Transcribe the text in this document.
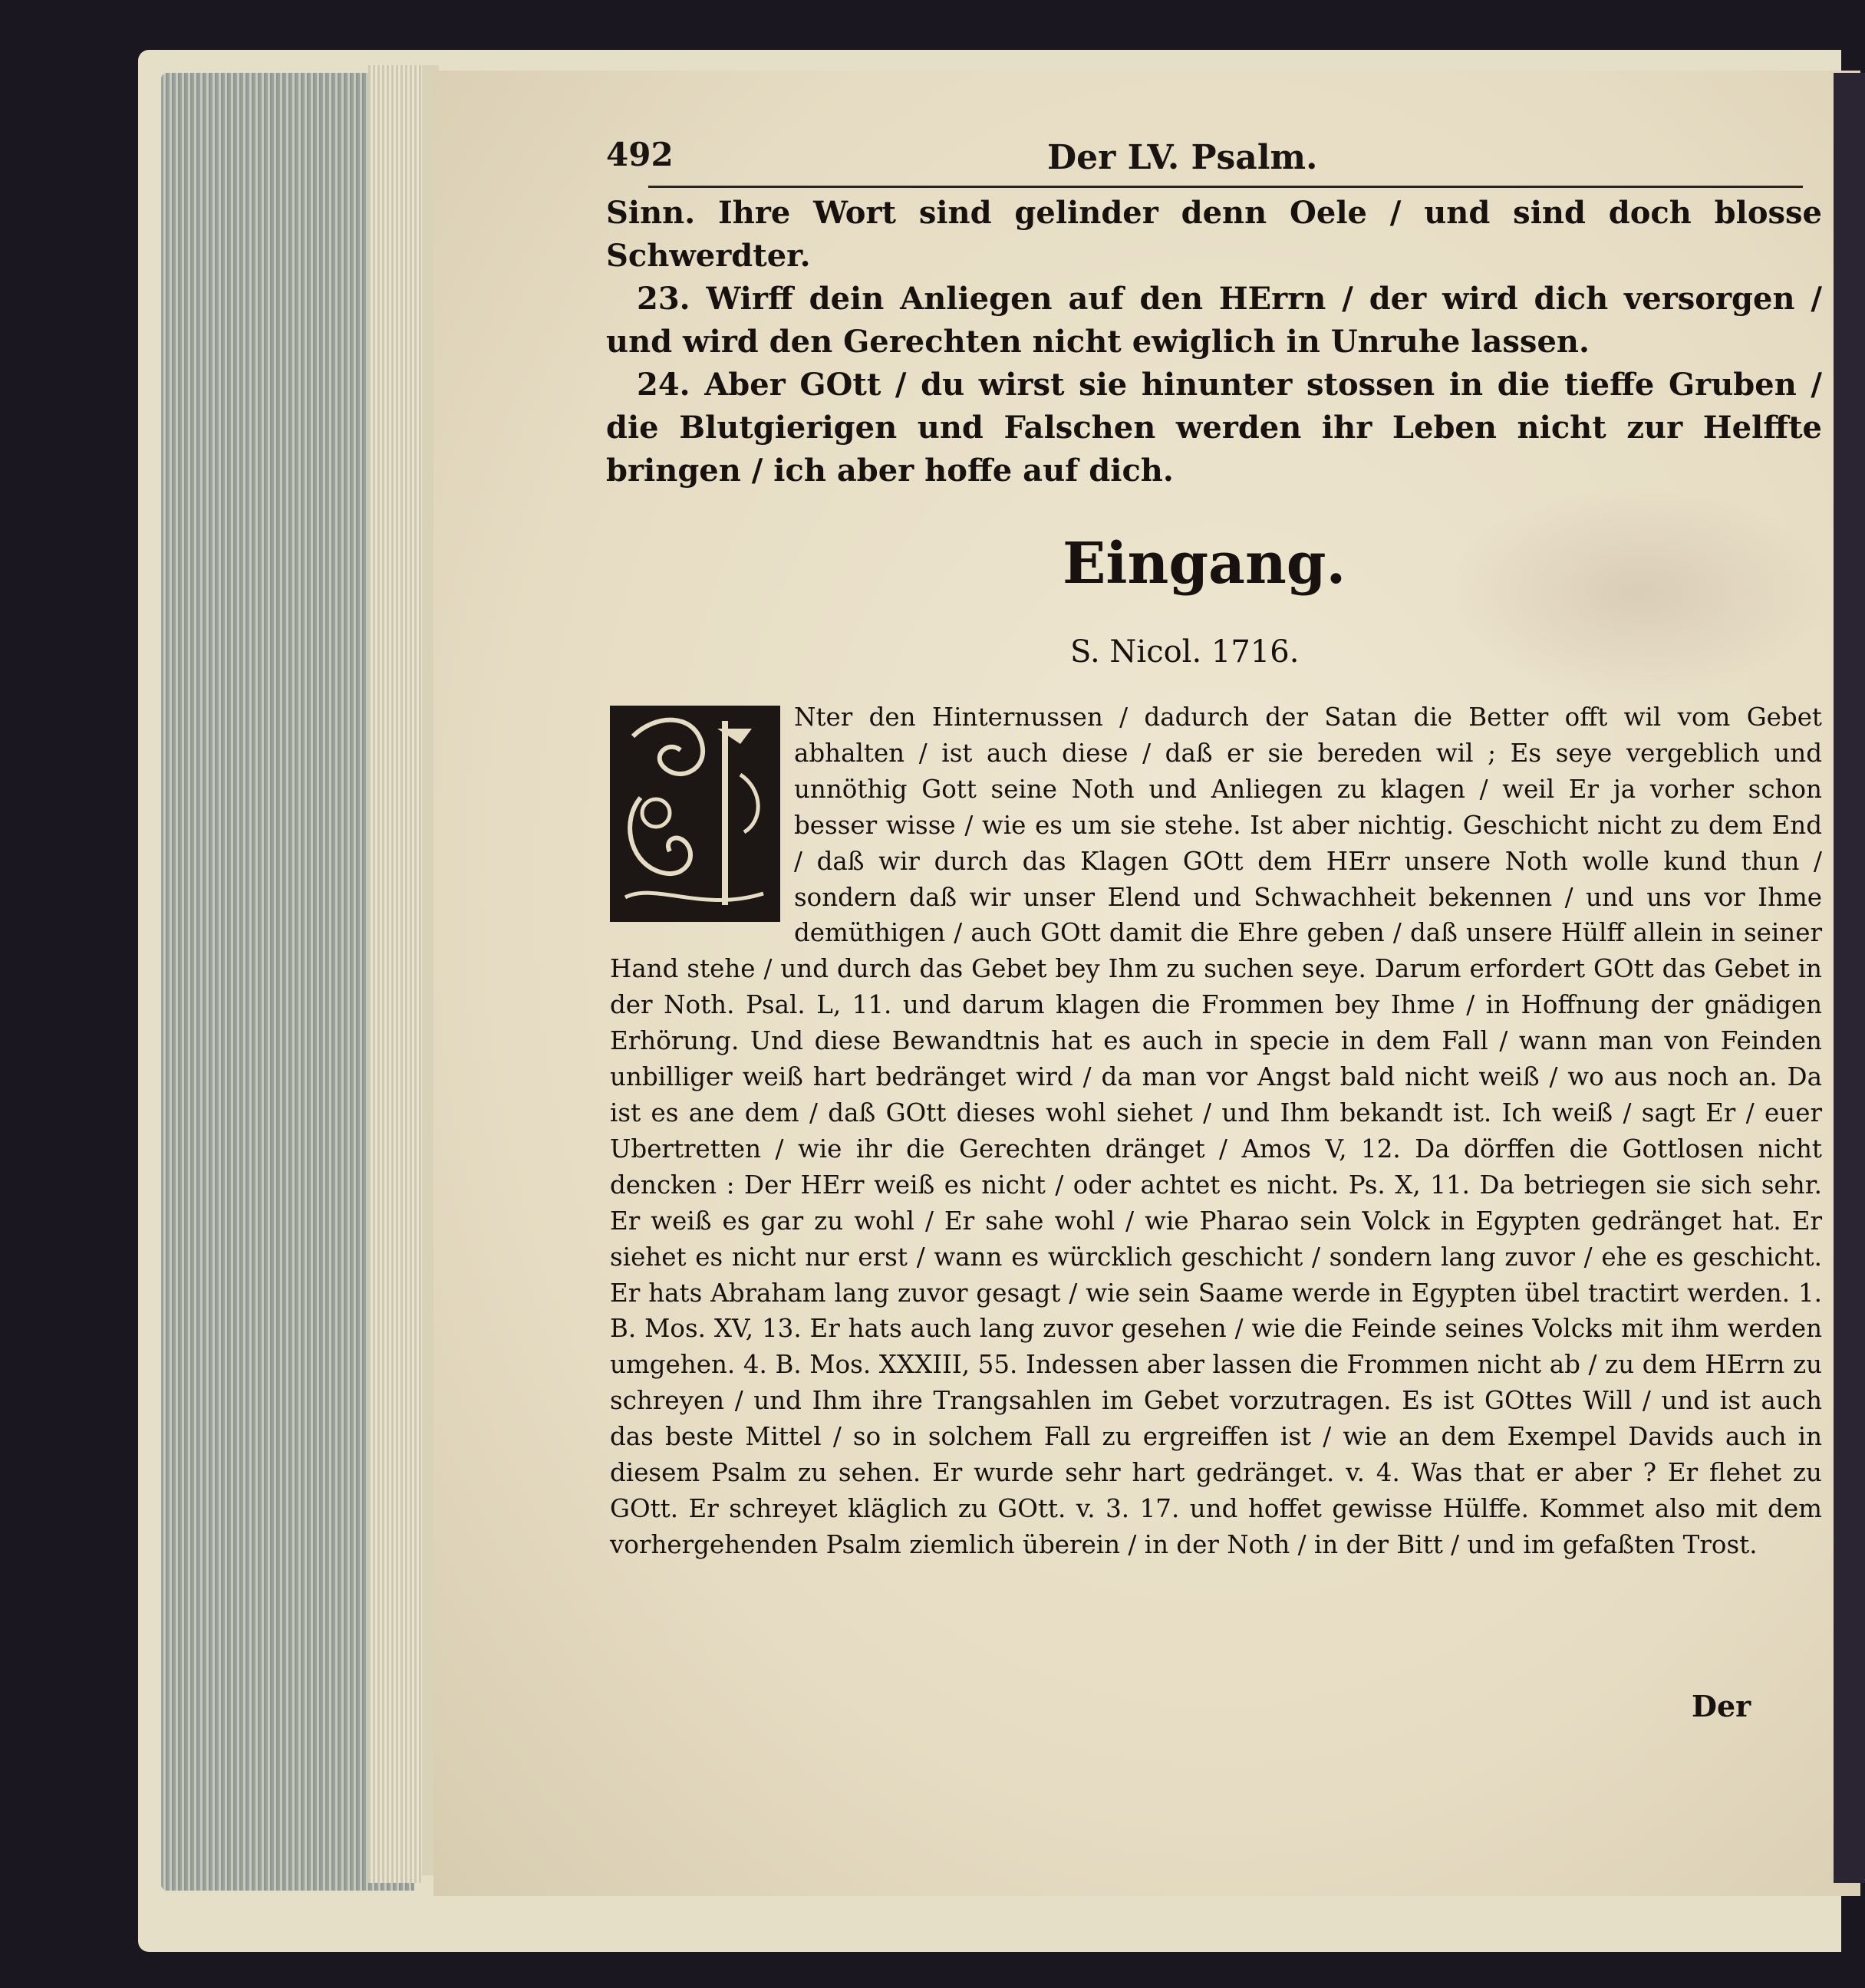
492	Der LV. Psalm.

Sinn. Ihre Wort sind gelinder denn Oele / und sind doch blosse Schwerdter.

23. Wirff dein Anliegen auf den HErrn / der wird dich versorgen / und wird den Gerechten nicht ewiglich in Unruhe lassen.

24. Aber GOtt / du wirst sie hinunter stossen in die tieffe Gruben / die Blutgierigen und Falschen werden ihr Leben nicht zur Helffte bringen / ich aber hoffe auf dich.

Eingang.
S. Nicol. 1716.
Nter den Hinternussen / dadurch der Satan die Better offt wil vom Gebet abhalten / ist auch diese / daß er sie bereden wil ; Es seye vergeblich und unnöthig Gott seine Noth und Anliegen zu klagen / weil Er ja vorher schon besser wisse / wie es um sie stehe. Ist aber nichtig. Geschicht nicht zu dem End / daß wir durch das Klagen GOtt dem HErr unsere Noth wolle kund thun / sondern daß wir unser Elend und Schwachheit bekennen / und uns vor Ihme demüthigen / auch GOtt damit die Ehre geben / daß unsere Hülff allein in seiner Hand stehe / und durch das Gebet bey Ihm zu suchen seye. Darum erfordert GOtt das Gebet in der Noth. Psal. L, 11. und darum klagen die Frommen bey Ihme / in Hoffnung der gnädigen Erhörung. Und diese Bewandtnis hat es auch in specie in dem Fall / wann man von Feinden unbilliger weiß hart bedränget wird / da man vor Angst bald nicht weiß / wo aus noch an. Da ist es ane dem / daß GOtt dieses wohl siehet / und Ihm bekandt ist. Ich weiß / sagt Er / euer Ubertretten / wie ihr die Gerechten dränget / Amos V, 12. Da dörffen die Gottlosen nicht dencken : Der HErr weiß es nicht / oder achtet es nicht. Ps. X, 11. Da betriegen sie sich sehr. Er weiß es gar zu wohl / Er sahe wohl / wie Pharao sein Volck in Egypten gedränget hat. Er siehet es nicht nur erst / wann es würcklich geschicht / sondern lang zuvor / ehe es geschicht. Er hats Abraham lang zuvor gesagt / wie sein Saame werde in Egypten übel tractirt werden. 1. B. Mos. XV, 13. Er hats auch lang zuvor gesehen / wie die Feinde seines Volcks mit ihm werden umgehen. 4. B. Mos. XXXIII, 55. Indessen aber lassen die Frommen nicht ab / zu dem HErrn zu schreyen / und Ihm ihre Trangsahlen im Gebet vorzutragen. Es ist GOttes Will / und ist auch das beste Mittel / so in solchem Fall zu ergreiffen ist / wie an dem Exempel Davids auch in diesem Psalm zu sehen. Er wurde sehr hart gedränget. v. 4. Was that er aber ? Er flehet zu GOtt. Er schreyet kläglich zu GOtt. v. 3. 17. und hoffet gewisse Hülffe. Kommet also mit dem vorhergehenden Psalm ziemlich überein / in der Noth / in der Bitt / und im gefaßten Trost.
Der
